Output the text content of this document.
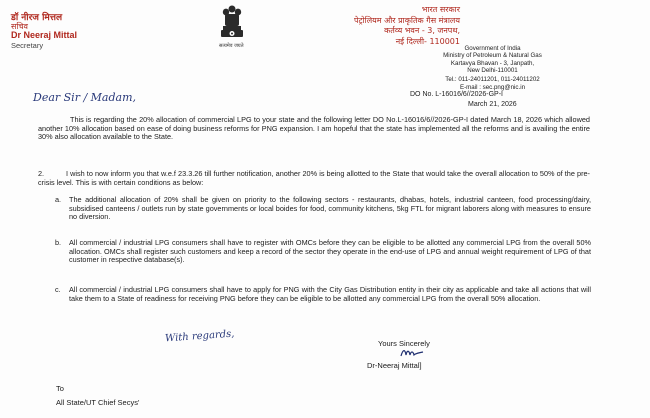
डॉ नीरज मित्तल
सचिव
Dr Neeraj Mittal
Secretary	सत्यमेव जयते
भारत सरकार
पेट्रोलियम और प्राकृतिक गैस मंत्रालय
कर्तव्य भवन - 3, जनपथ,
नई दिल्ली- 110001
Government of India
Ministry of Petroleum & Natural Gas
Kartavya Bhavan - 3, Janpath,
New Delhi-110001
Tel.: 011-24011201, 011-24011202
E-mail : sec.png@nic.in
DO No. L-16016/6//2026-GP-I
March 21, 2026
Dear Sir / Madam,
This is regarding the 20% allocation of commercial LPG to your state and the following letter DO No.L-16016/6//2026-GP-I dated March 18, 2026 which allowed another 10% allocation based on ease of doing business reforms for PNG expansion. I am hopeful that the state has implemented all the reforms and is availing the entire 30% also allocation available to the State.
2.	I wish to now inform you that w.e.f 23.3.26 till further notification, another 20% is being allotted to the State that would take the overall allocation to 50% of the pre-crisis level. This is with certain conditions as below:
a.	The additional allocation of 20% shall be given on priority to the following sectors - restaurants, dhabas, hotels, industrial canteen, food processing/dairy, subsidised canteens / outlets run by state governments or local boides for food, community kitchens, 5kg FTL for migrant laborers along with measures to ensure no diversion.
b.	All commercial / industrial LPG consumers shall have to register with OMCs before they can be eligible to be allotted any commercial LPG from the overall 50% allocation. OMCs shall register such customers and keep a record of the sector they operate in the end-use of LPG and annual weight requirement of LPG of that customer in respective database(s).
c.	All commercial / industrial LPG consumers shall have to apply for PNG with the City Gas Distribution entity in their city as applicable and take all actions that will take them to a State of readiness for receiving PNG before they can be eligible to be allotted any commercial LPG from the overall 50% allocation.
With regards,	Yours Sincerely
Dr-Neeraj Mittal]
To
All State/UT Chief Secys'
